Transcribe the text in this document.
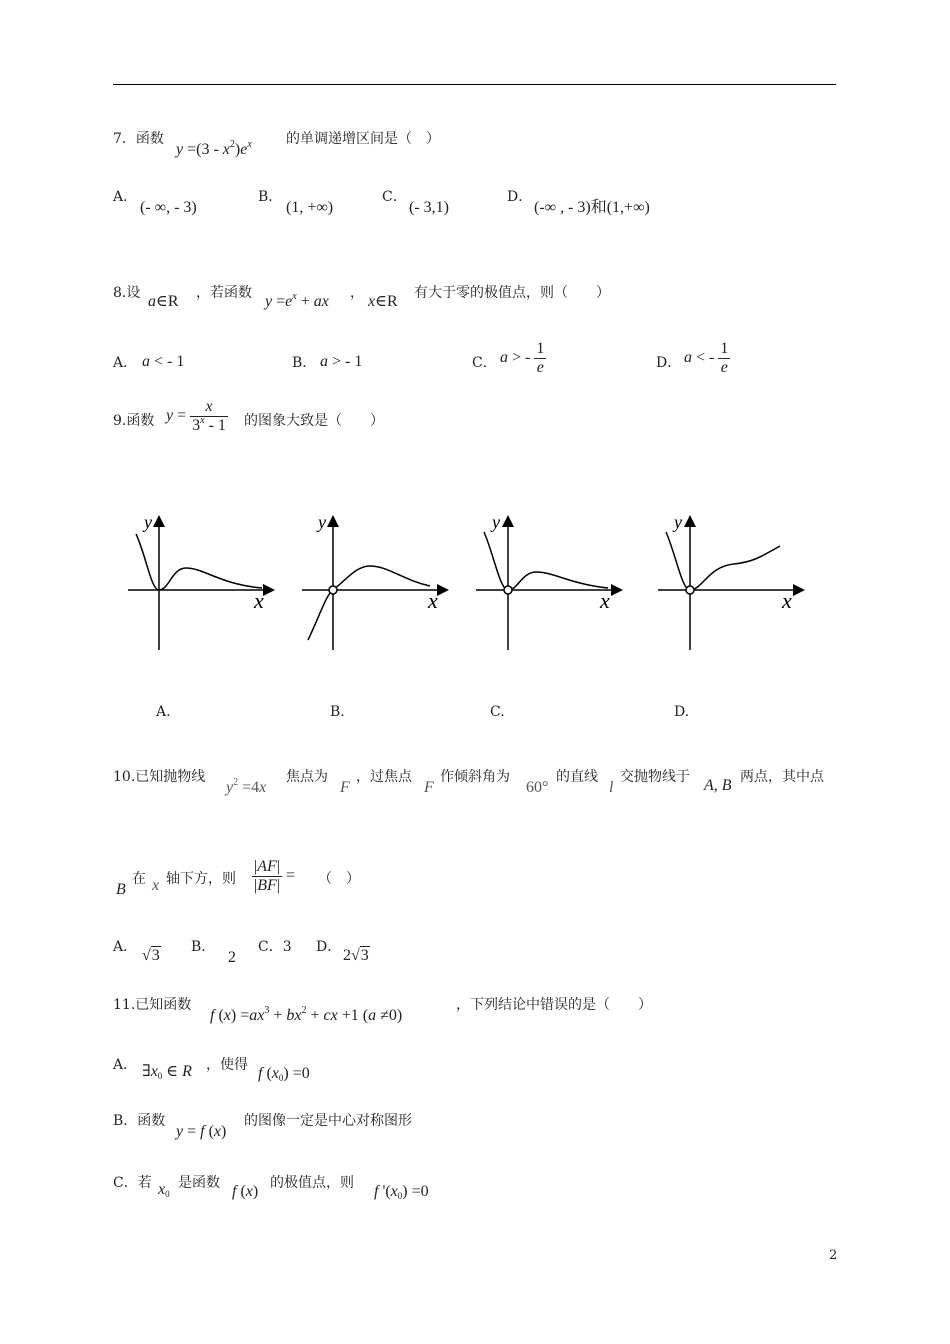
7．函数
$y =(3 - x^2)e^x$ 的单调递增区间是（　）
A．
(- ∞, - 3)
B．
(1, +∞)
C．
(- 3,1)
D．
(-∞ , - 3)和(1,+∞)
8.设 a∈R ，若函数 $y =e^x$ + ax ， x∈R 有大于零的极值点，则（　　）
A． a < - 1	B． a > - 1	C． a > - $\frac{1}{e}$	D． a < - $\frac{1}{e}$
9.函数 $y = \frac{x}{3^x - 1}$ 的图象大致是（　　）
y
x
y
x
y
x
y
x
A.	B.	C.	D.
10.已知抛物线
$y^2 =4x$
焦点为
F
，过焦点
F
作倾斜角为
60°
的直线
l
交抛物线于 A, B 两点，其中点
B
在 x 轴下方，则 $\frac{|AF|}{|BF|}$ = （　）
A． √3 B．
2
C．3 D． 2√3
11.已知函数
f $(x) =ax^3 + bx^2$ + cx +1 (a ≠0)
，下列结论中错误的是（　　）
A． $\exists x_0$ ∈ R ，使得 f $(x_0) =0$
B．函数
y = f (x)
的图像一定是中心对称图形
C．若 $x_0$
是函数 f (x) 的极值点，则 f '$(x_0) =0$
2
